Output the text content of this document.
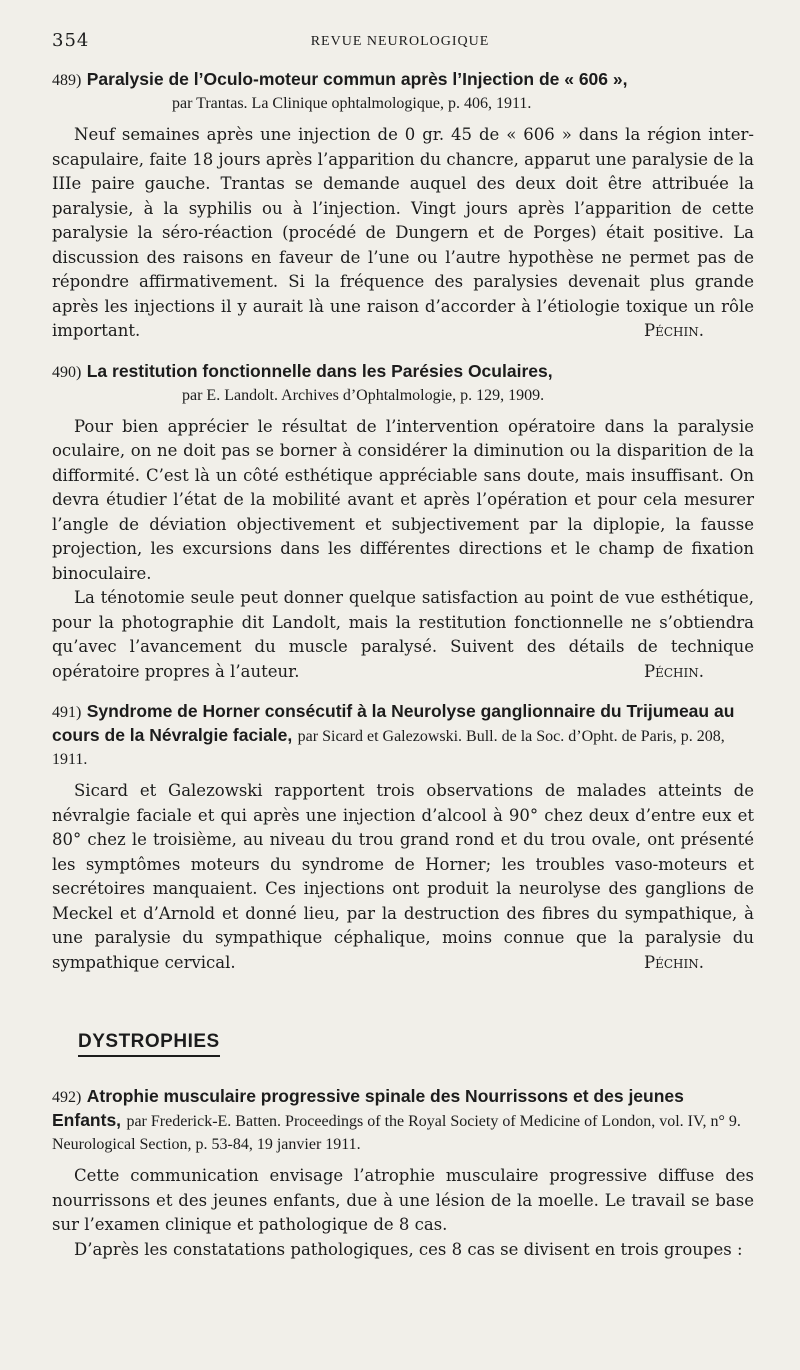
354	REVUE NEUROLOGIQUE

489) Paralysie de l’Oculo-moteur commun après l’Injection de « 606 »,
par Trantas. La Clinique ophtalmologique, p. 406, 1911.

Neuf semaines après une injection de 0 gr. 45 de « 606 » dans la région inter-scapulaire, faite 18 jours après l’apparition du chancre, apparut une paralysie de la IIIe paire gauche. Trantas se demande auquel des deux doit être attribuée la paralysie, à la syphilis ou à l’injection. Vingt jours après l’apparition de cette paralysie la séro-réaction (procédé de Dungern et de Porges) était positive. La discussion des raisons en faveur de l’une ou l’autre hypothèse ne permet pas de répondre affirmativement. Si la fréquence des paralysies devenait plus grande après les injections il y aurait là une raison d’accorder à l’étiologie toxique un rôle important.	Péchin.

490) La restitution fonctionnelle dans les Parésies Oculaires,
par E. Landolt. Archives d’Ophtalmologie, p. 129, 1909.

Pour bien apprécier le résultat de l’intervention opératoire dans la paralysie oculaire, on ne doit pas se borner à considérer la diminution ou la disparition de la difformité. C’est là un côté esthétique appréciable sans doute, mais insuffisant. On devra étudier l’état de la mobilité avant et après l’opération et pour cela mesurer l’angle de déviation objectivement et subjectivement par la diplopie, la fausse projection, les excursions dans les différentes directions et le champ de fixation binoculaire.

La ténotomie seule peut donner quelque satisfaction au point de vue esthétique, pour la photographie dit Landolt, mais la restitution fonctionnelle ne s’obtiendra qu’avec l’avancement du muscle paralysé. Suivent des détails de technique opératoire propres à l’auteur.	Péchin.

491) Syndrome de Horner consécutif à la Neurolyse ganglionnaire du Trijumeau au cours de la Névralgie faciale, par Sicard et Galezowski. Bull. de la Soc. d’Opht. de Paris, p. 208, 1911.

Sicard et Galezowski rapportent trois observations de malades atteints de névralgie faciale et qui après une injection d’alcool à 90° chez deux d’entre eux et 80° chez le troisième, au niveau du trou grand rond et du trou ovale, ont présenté les symptômes moteurs du syndrome de Horner; les troubles vaso-moteurs et secrétoires manquaient. Ces injections ont produit la neurolyse des ganglions de Meckel et d’Arnold et donné lieu, par la destruction des fibres du sympathique, à une paralysie du sympathique céphalique, moins connue que la paralysie du sympathique cervical.	Péchin.

DYSTROPHIES

492) Atrophie musculaire progressive spinale des Nourrissons et des jeunes Enfants, par Frederick-E. Batten. Proceedings of the Royal Society of Medicine of London, vol. IV, n° 9. Neurological Section, p. 53-84, 19 janvier 1911.

Cette communication envisage l’atrophie musculaire progressive diffuse des nourrissons et des jeunes enfants, due à une lésion de la moelle. Le travail se base sur l’examen clinique et pathologique de 8 cas.

D’après les constatations pathologiques, ces 8 cas se divisent en trois groupes :
